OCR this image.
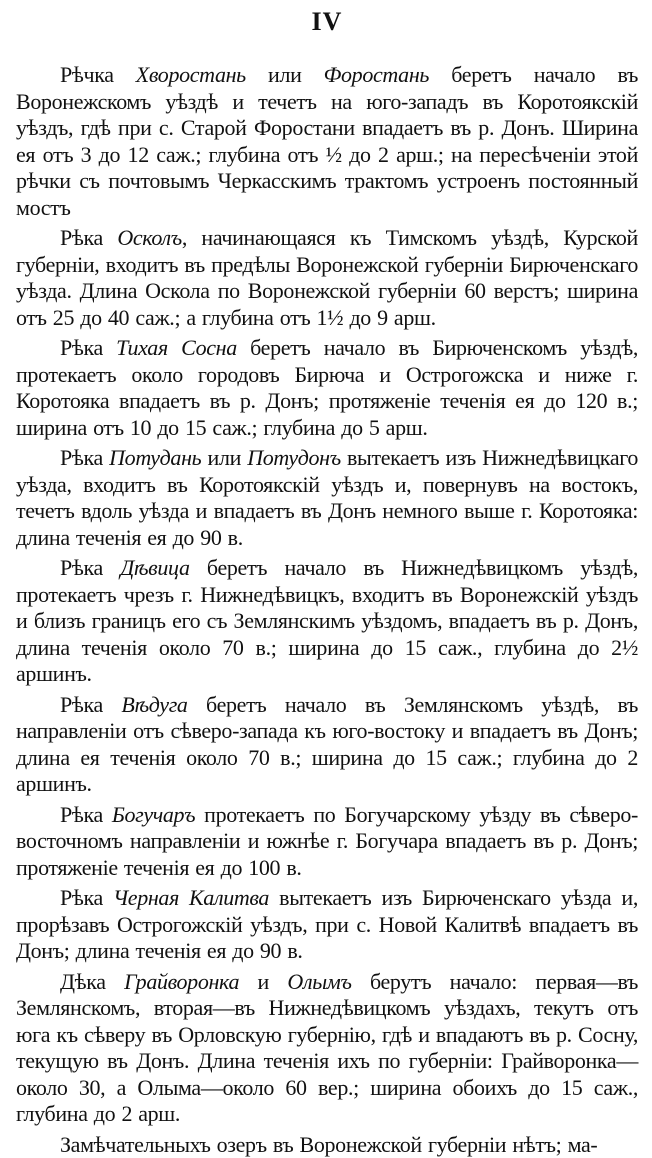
IV

Рѣчка Хворостань или Форостань беретъ начало въ Воронежскомъ уѣздѣ и течетъ на юго-западъ въ Коротоякскій уѣздъ, гдѣ при с. Старой Форостани впадаетъ въ р. Донъ. Ширина ея отъ 3 до 12 саж.; глубина отъ ½ до 2 арш.; на пересѣченіи этой рѣчки съ почтовымъ Черкасскимъ трактомъ устроенъ постоянный мостъ

Рѣка Осколъ, начинающаяся къ Тимскомъ уѣздѣ, Курской губерніи, входитъ въ предѣлы Воронежской губерніи Бирюченскаго уѣзда. Длина Оскола по Воронежской губерніи 60 верстъ; ширина отъ 25 до 40 саж.; а глубина отъ 1½ до 9 арш.

Рѣка Тихая Сосна беретъ начало въ Бирюченскомъ уѣздѣ, протекаетъ около городовъ Бирюча и Острогожска и ниже г. Коротояка впадаетъ въ р. Донъ; протяженіе теченія ея до 120 в.; ширина отъ 10 до 15 саж.; глубина до 5 арш.

Рѣка Потудань или Потудонъ вытекаетъ изъ Нижнедѣвицкаго уѣзда, входитъ въ Коротоякскій уѣздъ и, повернувъ на востокъ, течетъ вдоль уѣзда и впадаетъ въ Донъ немного выше г. Коротояка: длина теченія ея до 90 в.

Рѣка Дѣвица беретъ начало въ Нижнедѣвицкомъ уѣздѣ, протекаетъ чрезъ г. Нижнедѣвицкъ, входитъ въ Воронежскій уѣздъ и близъ границъ его съ Землянскимъ уѣздомъ, впадаетъ въ р. Донъ, длина теченія около 70 в.; ширина до 15 саж., глубина до 2½ аршинъ.

Рѣка Вѣдуга беретъ начало въ Землянскомъ уѣздѣ, въ направленіи отъ сѣверо-запада къ юго-востоку и впадаетъ въ Донъ; длина ея теченія около 70 в.; ширина до 15 саж.; глубина до 2 аршинъ.

Рѣка Богучаръ протекаетъ по Богучарскому уѣзду въ сѣверо-восточномъ направленіи и южнѣе г. Богучара впадаетъ въ р. Донъ; протяженіе теченія ея до 100 в.

Рѣка Черная Калитва вытекаетъ изъ Бирюченскаго уѣзда и, прорѣзавъ Острогожскій уѣздъ, при с. Новой Калитвѣ впадаетъ въ Донъ; длина теченія ея до 90 в.

Дѣка Грайворонка и Олымъ берутъ начало: первая—въ Землянскомъ, вторая—въ Нижнедѣвицкомъ уѣздахъ, текутъ отъ юга къ сѣверу въ Орловскую губернію, гдѣ и впадаютъ въ р. Сосну, текущую въ Донъ. Длина теченія ихъ по губерніи: Грайворонка—около 30, а Олыма—около 60 вер.; ширина обоихъ до 15 саж., глубина до 2 арш.

Замѣчательныхъ озеръ въ Воронежской губерніи нѣтъ; ма-
